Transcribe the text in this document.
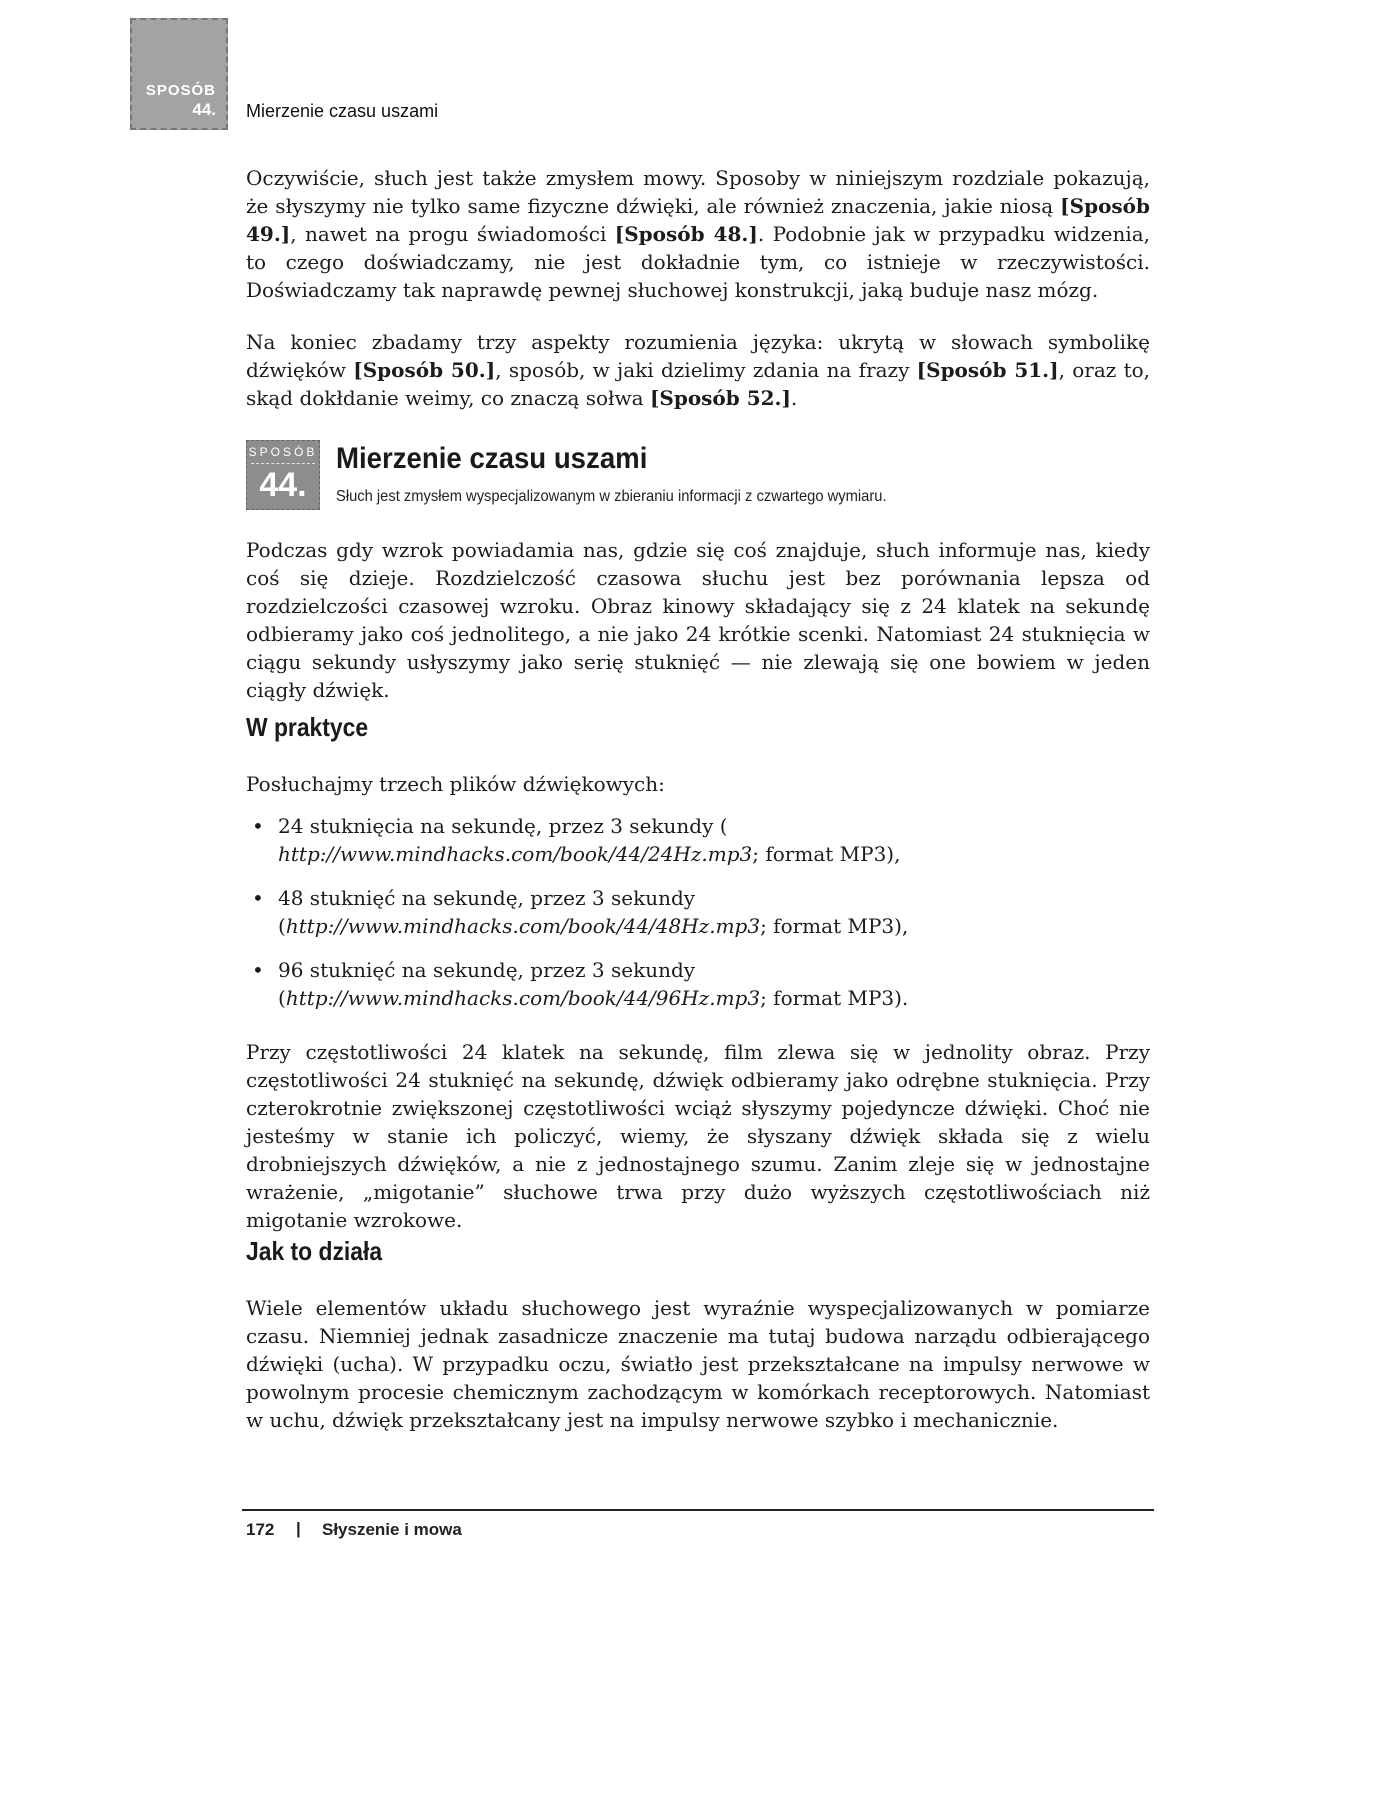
SPOSÓB
44. Mierzenie czasu uszami

Oczywiście, słuch jest także zmysłem mowy. Sposoby w niniejszym rozdziale pokazują, że słyszymy nie tylko same fizyczne dźwięki, ale również znaczenia, jakie niosą [Sposób 49.], nawet na progu świadomości [Sposób 48.]. Podobnie jak w przypadku widzenia, to czego doświadczamy, nie jest dokładnie tym, co istnieje w rzeczywistości. Doświadczamy tak naprawdę pewnej słuchowej konstrukcji, jaką buduje nasz mózg.

Na koniec zbadamy trzy aspekty rozumienia języka: ukrytą w słowach symbolikę dźwięków [Sposób 50.], sposób, w jaki dzielimy zdania na frazy [Sposób 51.], oraz to, skąd dokłdanie weimy, co znaczą sołwa [Sposób 52.].

SPOSÓB
44.
Mierzenie czasu uszami
Słuch jest zmysłem wyspecjalizowanym w zbieraniu informacji z czwartego wymiaru.

Podczas gdy wzrok powiadamia nas, gdzie się coś znajduje, słuch informuje nas, kiedy coś się dzieje. Rozdzielczość czasowa słuchu jest bez porównania lepsza od rozdzielczości czasowej wzroku. Obraz kinowy składający się z 24 klatek na sekundę odbieramy jako coś jednolitego, a nie jako 24 krótkie scenki. Natomiast 24 stuknięcia w ciągu sekundy usłyszymy jako serię stuknięć — nie zlewają się one bowiem w jeden ciągły dźwięk.

W praktyce

Posłuchajmy trzech plików dźwiękowych:

• 24 stuknięcia na sekundę, przez 3 sekundy (
http://www.mindhacks.com/book/44/24Hz.mp3; format MP3),
• 48 stuknięć na sekundę, przez 3 sekundy (http://www.mindhacks.com/book/44/48Hz.mp3; format MP3),
• 96 stuknięć na sekundę, przez 3 sekundy (http://www.mindhacks.com/book/44/96Hz.mp3; format MP3).

Przy częstotliwości 24 klatek na sekundę, film zlewa się w jednolity obraz. Przy częstotliwości 24 stuknięć na sekundę, dźwięk odbieramy jako odrębne stuknięcia. Przy czterokrotnie zwiększonej częstotliwości wciąż słyszymy pojedyncze dźwięki. Choć nie jesteśmy w stanie ich policzyć, wiemy, że słyszany dźwięk składa się z wielu drobniejszych dźwięków, a nie z jednostajnego szumu. Zanim zleje się w jednostajne wrażenie, „migotanie” słuchowe trwa przy dużo wyższych częstotliwościach niż migotanie wzrokowe.

Jak to działa

Wiele elementów układu słuchowego jest wyraźnie wyspecjalizowanych w pomiarze czasu. Niemniej jednak zasadnicze znaczenie ma tutaj budowa narządu odbierającego dźwięki (ucha). W przypadku oczu, światło jest przekształcane na impulsy nerwowe w powolnym procesie chemicznym zachodzącym w komórkach receptorowych. Natomiast w uchu, dźwięk przekształcany jest na impulsy nerwowe szybko i mechanicznie.

172 | Słyszenie i mowa
